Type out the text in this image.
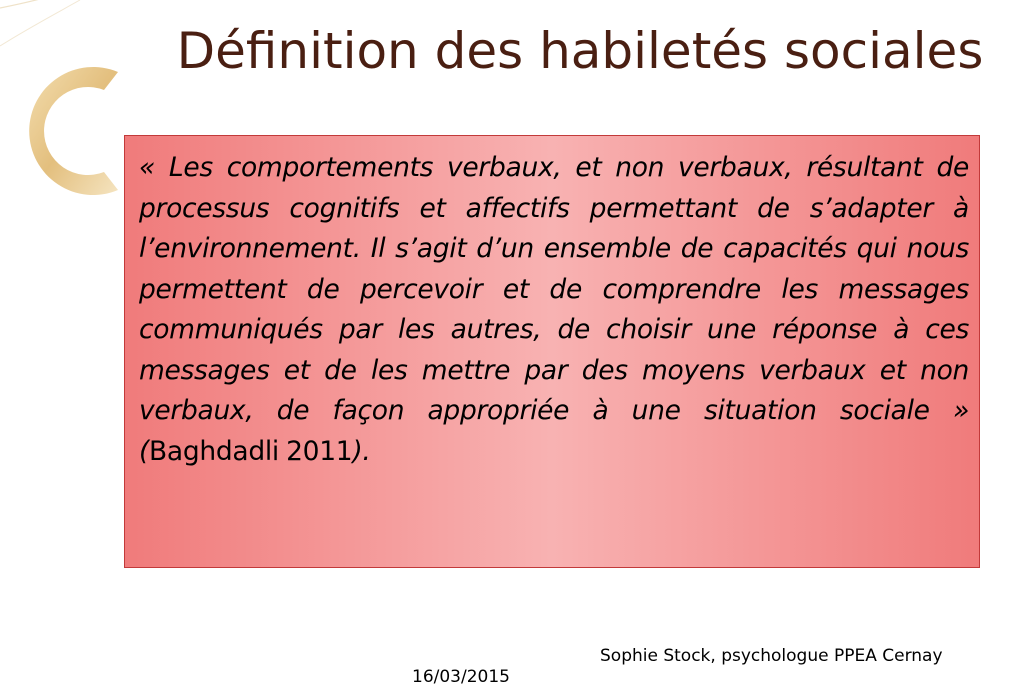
Définition des habiletés sociales

« Les comportements verbaux, et non verbaux, résultant de processus cognitifs et affectifs permettant de s’adapter à l’environnement. Il s’agit d’un ensemble de capacités qui nous permettent de percevoir et de comprendre les messages communiqués par les autres, de choisir une réponse à ces messages et de les mettre par des moyens verbaux et non verbaux, de façon appropriée à une situation sociale » (Baghdadli 2011).

16/03/2015
Sophie Stock, psychologue PPEA Cernay
